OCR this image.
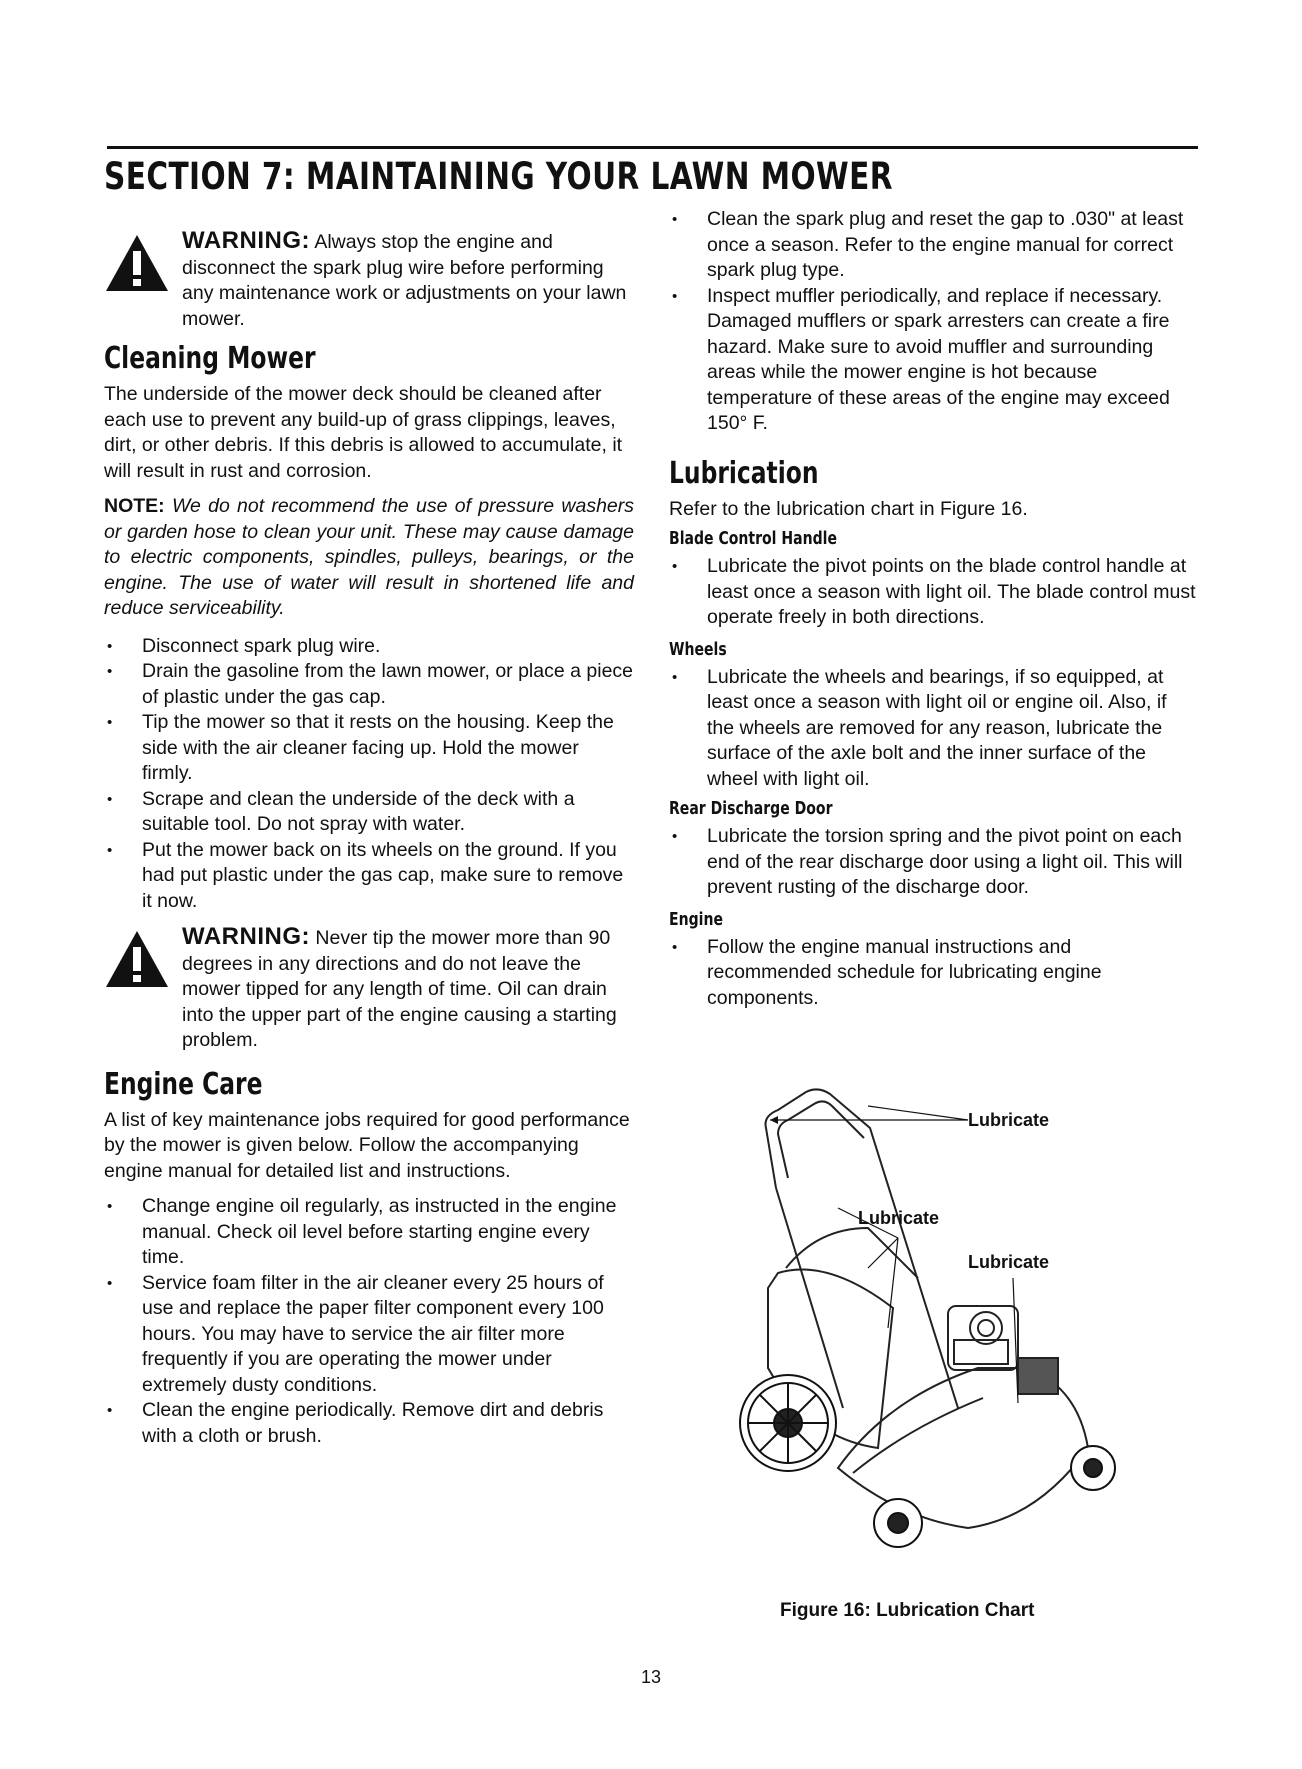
SECTION 7: MAINTAINING YOUR LAWN MOWER
WARNING: Always stop the engine and disconnect the spark plug wire before performing any maintenance work or adjustments on your lawn mower.
Cleaning Mower

The underside of the mower deck should be cleaned after each use to prevent any build-up of grass clippings, leaves, dirt, or other debris. If this debris is allowed to accumulate, it will result in rust and corrosion.

NOTE: We do not recommend the use of pressure washers or garden hose to clean your unit. These may cause damage to electric components, spindles, pulleys, bearings, or the engine. The use of water will result in shortened life and reduce serviceability.

• Disconnect spark plug wire.
• Drain the gasoline from the lawn mower, or place a piece of plastic under the gas cap.
• Tip the mower so that it rests on the housing. Keep the side with the air cleaner facing up. Hold the mower firmly.
• Scrape and clean the underside of the deck with a suitable tool. Do not spray with water.
• Put the mower back on its wheels on the ground. If you had put plastic under the gas cap, make sure to remove it now.
WARNING: Never tip the mower more than 90 degrees in any directions and do not leave the mower tipped for any length of time. Oil can drain into the upper part of the engine causing a starting problem.
Engine Care

A list of key maintenance jobs required for good performance by the mower is given below. Follow the accompanying engine manual for detailed list and instructions.

• Change engine oil regularly, as instructed in the engine manual. Check oil level before starting engine every time.
• Service foam filter in the air cleaner every 25 hours of use and replace the paper filter component every 100 hours. You may have to service the air filter more frequently if you are operating the mower under extremely dusty conditions.
• Clean the engine periodically. Remove dirt and debris with a cloth or brush.
• Clean the spark plug and reset the gap to .030" at least once a season. Refer to the engine manual for correct spark plug type.
• Inspect muffler periodically, and replace if necessary. Damaged mufflers or spark arresters can create a fire hazard. Make sure to avoid muffler and surrounding areas while the mower engine is hot because temperature of these areas of the engine may exceed 150° F.
Lubrication

Refer to the lubrication chart in Figure 16.

Blade Control Handle
• Lubricate the pivot points on the blade control handle at least once a season with light oil. The blade control must operate freely in both directions.
Wheels
• Lubricate the wheels and bearings, if so equipped, at least once a season with light oil or engine oil. Also, if the wheels are removed for any reason, lubricate the surface of the axle bolt and the inner surface of the wheel with light oil.
Rear Discharge Door
• Lubricate the torsion spring and the pivot point on each end of the rear discharge door using a light oil. This will prevent rusting of the discharge door.
Engine
• Follow the engine manual instructions and recommended schedule for lubricating engine components.
Lubricate
Lubricate
Lubricate
Figure 16: Lubrication Chart
13
